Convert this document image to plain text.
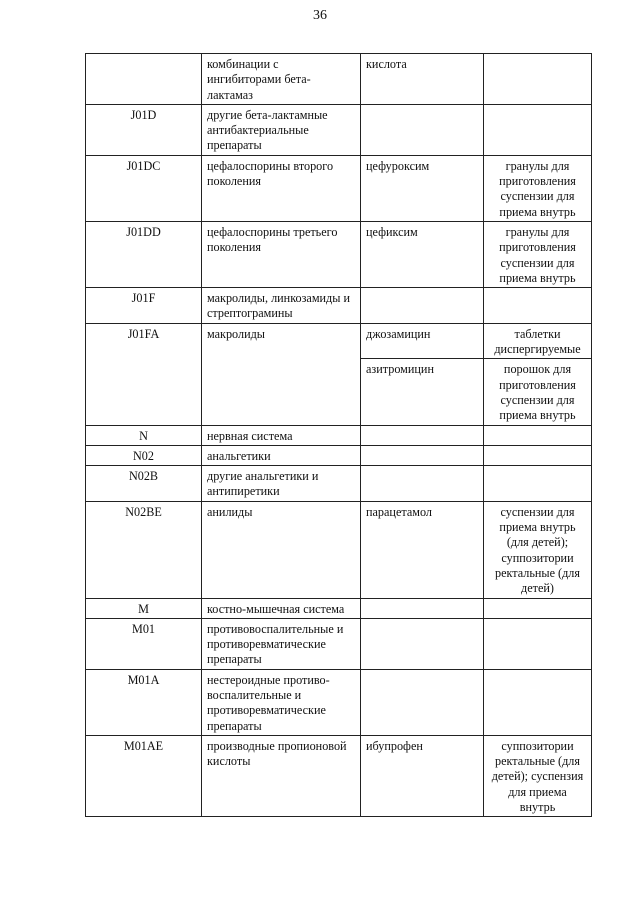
36
	комбинации с ингибиторами бета-лактамаз	кислота	
J01D	другие бета-лактамные антибактериальные препараты		
J01DC	цефалоспорины второго поколения	цефуроксим	гранулы для приготовления суспензии для приема внутрь
J01DD	цефалоспорины третьего поколения	цефиксим	гранулы для приготовления суспензии для приема внутрь
J01F	макролиды, линкозамиды и стрептограмины		
J01FA	макролиды	джозамицин	таблетки диспергируемые
		азитромицин	порошок для приготовления суспензии для приема внутрь
N	нервная система		
N02	анальгетики		
N02B	другие анальгетики и антипиретики		
N02BE	анилиды	парацетамол	суспензии для приема внутрь (для детей); суппозитории ректальные (для детей)
M	костно-мышечная система		
M01	противовоспалительные и противоревматические препараты		
M01A	нестероидные противо-воспалительные и противоревматические препараты		
M01AE	производные пропионовой кислоты	ибупрофен	суппозитории ректальные (для детей); суспензия для приема внутрь
